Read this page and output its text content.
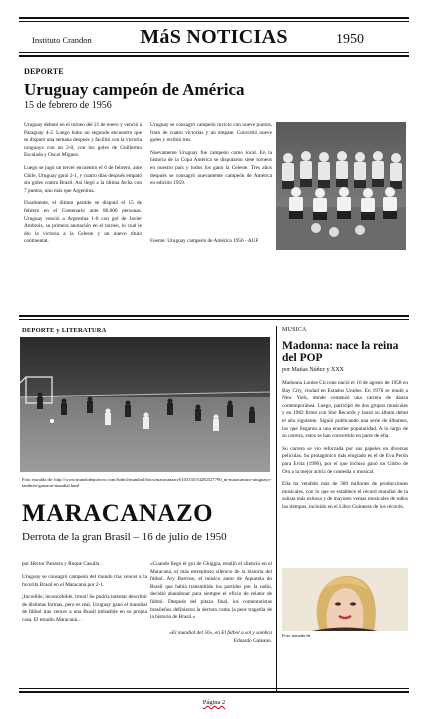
Instituto Crandon	MáS NOTICIAS	1950
DEPORTE
Uruguay campeón de América
15 de febrero de 1956

Uruguay debutó en el torneo del 21 de enero y venció a Paraguay 4-2. Luego hubo un segundo encuentro que se disputó una semana después y facilitó con la victoria uruguaya con un 2-0, con los goles de Guillermo Escalada y Oscar Míguez.

Luego se jugó un tercer encuentro el 6 de febrero, ante Chile, Uruguay ganó 2-1, y cuatro días después empató sin goles contra Brasil. Así llegó a la última fecha con 7 puntos, uno más que Argentina.

Finalmente, el último partido se disputó el 15 de febrero en el Centenario ante 80.000 personas. Uruguay venció a Argentina 1-0 con gol de Javier Ambrois, su primera anotación en el torneo, lo cual le dio la victoria a la Celeste y un nuevo título continental.

Uruguay se consagró campeón invicto con nueve puntos, fruto de cuatro victorias y un empate. Convirtió nueve goles y recibió tres.

Nuevamente Uruguay fue campeón como local. En la historia de la Copa América se disputaron siete torneos en nuestro país y todos los ganó la Celeste. Tres años después se consagró nuevamente campeón de América en edición 1959.

Fuente: Uruguay campeón de América 1956 - AUF
DEPORTE y LITERATURA
Foto extraída de: http://www.mundodeportivo.com/futbol/mundial/fotos/maracanazo/0103335/54282527790_m-maracanazo-uruguayo-tambien-ganaron-mundial.html
MARACANAZO
Derrota de la gran Brasil – 16 de julio de 1950
por Héctor Panzera y Roque Casulla

Uruguay se consagró campeón del mundo tras vencer a la favorita Brasil en el Maracaná por 2-1.

¡Increíble, inconcebible, irreal! Se podría intentar describir de distintas formas, pero es real, Uruguay ganó el mundial de fútbol tras vencer a una Brasil imbatible en su propia casa. El estadio Maracaná…

«Cuando llegó el gol de Ghiggia, estalló el silencio en el Maracaná, el más estrepitoso silencio de la historia del fútbol. Ary Barroso, el músico autor de Aquarela do Brasil que había transmitido los partidos por la radio, decidió abandonar para siempre el oficio de relator de fútbol. Después del pitazo final, los comentaristas brasileños definieron la derrota como la peor tragedia de la historia de Brasil.»
«El mundial del 50», en El fútbol a sol y sombra
Eduardo Galeano.
MUSICA
Madonna: nace la reina del POP
por Matías Núñez y XXX

Madonna Louise Ciccone nació el 16 de agosto de 1958 en Bay City, ciudad en Estados Unidos. En 1978 se mudó a New York, donde comenzó una carrera de danza contemporánea. Luego, participó de dos grupos musicales y en 1982 firmó con Sire Records y lanzó su álbum debut el año siguiente. Siguió publicando una serie de álbumes, los que llegaron a una enorme popularidad. A lo largo de su carrera, estos se han convertido en parte de ella.

Su carrera se vio reforzada por sus papeles en diversas películas. Su protagónico más elogiado es el de Eva Perón para Evita (1996), por el que incluso ganó un Globo de Oro a la mejor actriz de comedia o musical.

Ella ha vendido más de 300 millones de producciones musicales, con lo que se establece el récord mundial de la solista más exitosa y de mayores ventas musicales de todos los tiempos, incluido en el Libro Guinness de los récords.

Foto tomada de
Página 2
